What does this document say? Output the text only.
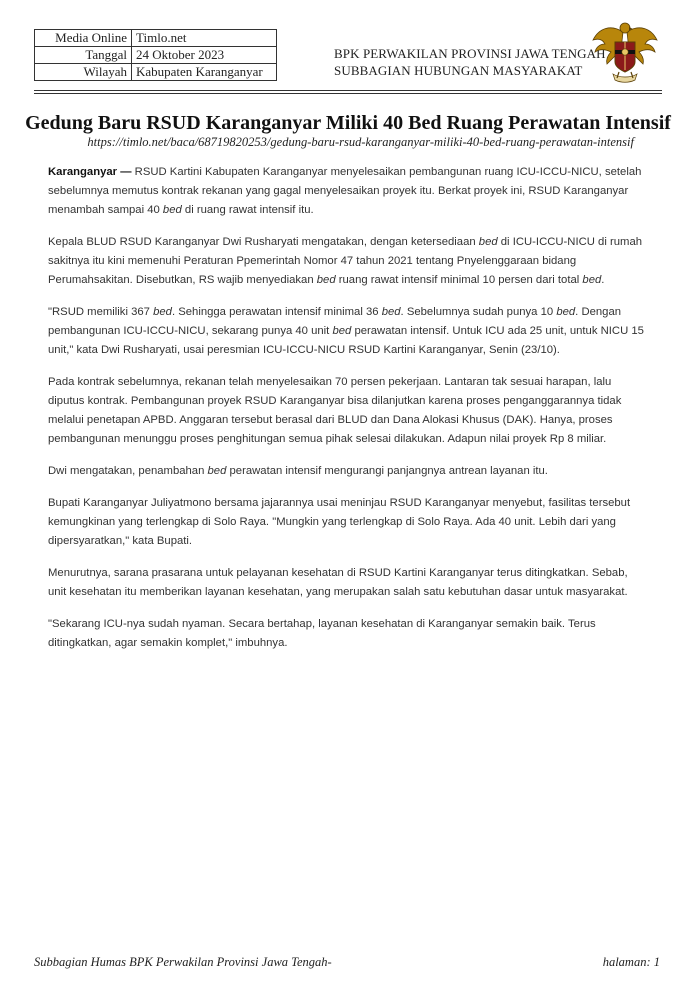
Media Online	Timlo.net
Tanggal	24 Oktober 2023
Wilayah	Kabupaten Karanganyar
BPK PERWAKILAN PROVINSI JAWA TENGAH
SUBBAGIAN HUBUNGAN MASYARAKAT
Gedung Baru RSUD Karanganyar Miliki 40 Bed Ruang Perawatan Intensif
https://timlo.net/baca/68719820253/gedung-baru-rsud-karanganyar-miliki-40-bed-ruang-perawatan-intensif

Karanganyar — RSUD Kartini Kabupaten Karanganyar menyelesaikan pembangunan ruang ICU-ICCU-NICU, setelah sebelumnya memutus kontrak rekanan yang gagal menyelesaikan proyek itu. Berkat proyek ini, RSUD Karanganyar menambah sampai 40 bed di ruang rawat intensif itu.

Kepala BLUD RSUD Karanganyar Dwi Rusharyati mengatakan, dengan ketersediaan bed di ICU-ICCU-NICU di rumah sakitnya itu kini memenuhi Peraturan Ppemerintah Nomor 47 tahun 2021 tentang Pnyelenggaraan bidang Perumahsakitan. Disebutkan, RS wajib menyediakan bed ruang rawat intensif minimal 10 persen dari total bed.

"RSUD memiliki 367 bed. Sehingga perawatan intensif minimal 36 bed. Sebelumnya sudah punya 10 bed. Dengan pembangunan ICU-ICCU-NICU, sekarang punya 40 unit bed perawatan intensif. Untuk ICU ada 25 unit, untuk NICU 15 unit," kata Dwi Rusharyati, usai peresmian ICU-ICCU-NICU RSUD Kartini Karanganyar, Senin (23/10).

Pada kontrak sebelumnya, rekanan telah menyelesaikan 70 persen pekerjaan. Lantaran tak sesuai harapan, lalu diputus kontrak. Pembangunan proyek RSUD Karanganyar bisa dilanjutkan karena proses penganggarannya tidak melalui penetapan APBD. Anggaran tersebut berasal dari BLUD dan Dana Alokasi Khusus (DAK). Hanya, proses pembangunan menunggu proses penghitungan semua pihak selesai dilakukan. Adapun nilai proyek Rp 8 miliar.

Dwi mengatakan, penambahan bed perawatan intensif mengurangi panjangnya antrean layanan itu.

Bupati Karanganyar Juliyatmono bersama jajarannya usai meninjau RSUD Karanganyar menyebut, fasilitas tersebut kemungkinan yang terlengkap di Solo Raya. "Mungkin yang terlengkap di Solo Raya. Ada 40 unit. Lebih dari yang dipersyaratkan," kata Bupati.

Menurutnya, sarana prasarana untuk pelayanan kesehatan di RSUD Kartini Karanganyar terus ditingkatkan. Sebab, unit kesehatan itu memberikan layanan kesehatan, yang merupakan salah satu kebutuhan dasar untuk masyarakat.

"Sekarang ICU-nya sudah nyaman. Secara bertahap, layanan kesehatan di Karanganyar semakin baik. Terus ditingkatkan, agar semakin komplet," imbuhnya.

Subbagian Humas BPK Perwakilan Provinsi Jawa Tengah-	halaman: 1
